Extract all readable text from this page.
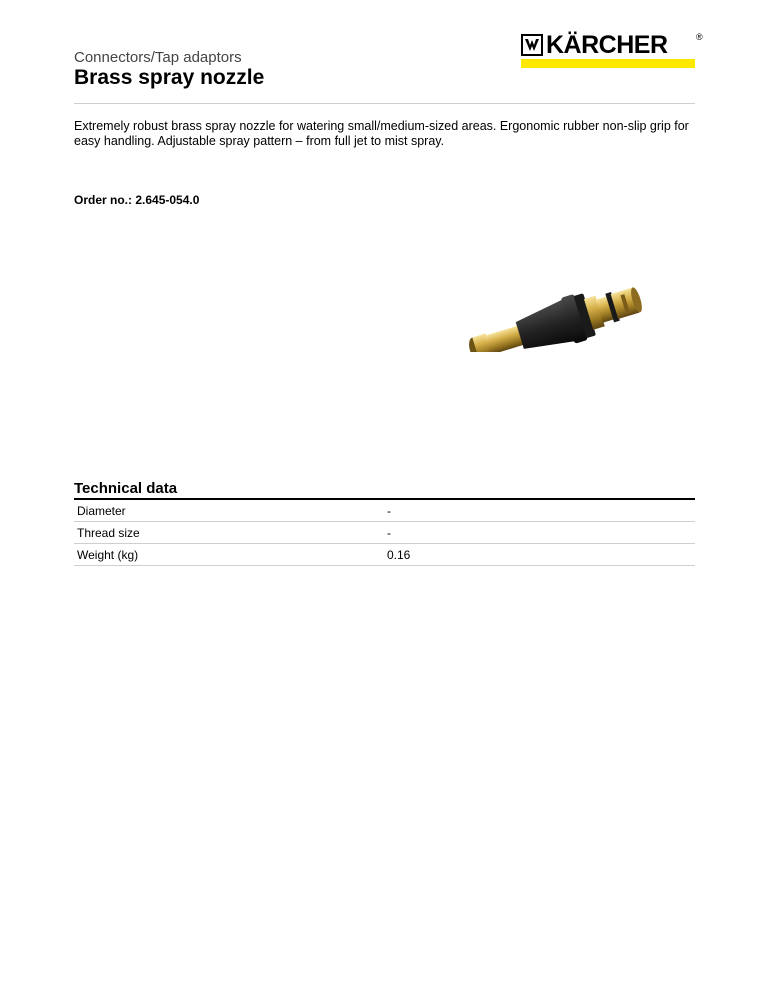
Connectors/Tap adaptors
Brass spray nozzle
KÄRCHER	®
Extremely robust brass spray nozzle for watering small/medium-sized areas. Ergonomic rubber non-slip grip for easy handling. Adjustable spray pattern – from full jet to mist spray.
Order no.: 2.645-054.0
Technical data
Diameter	-
Thread size	-
Weight (kg)	0.16
